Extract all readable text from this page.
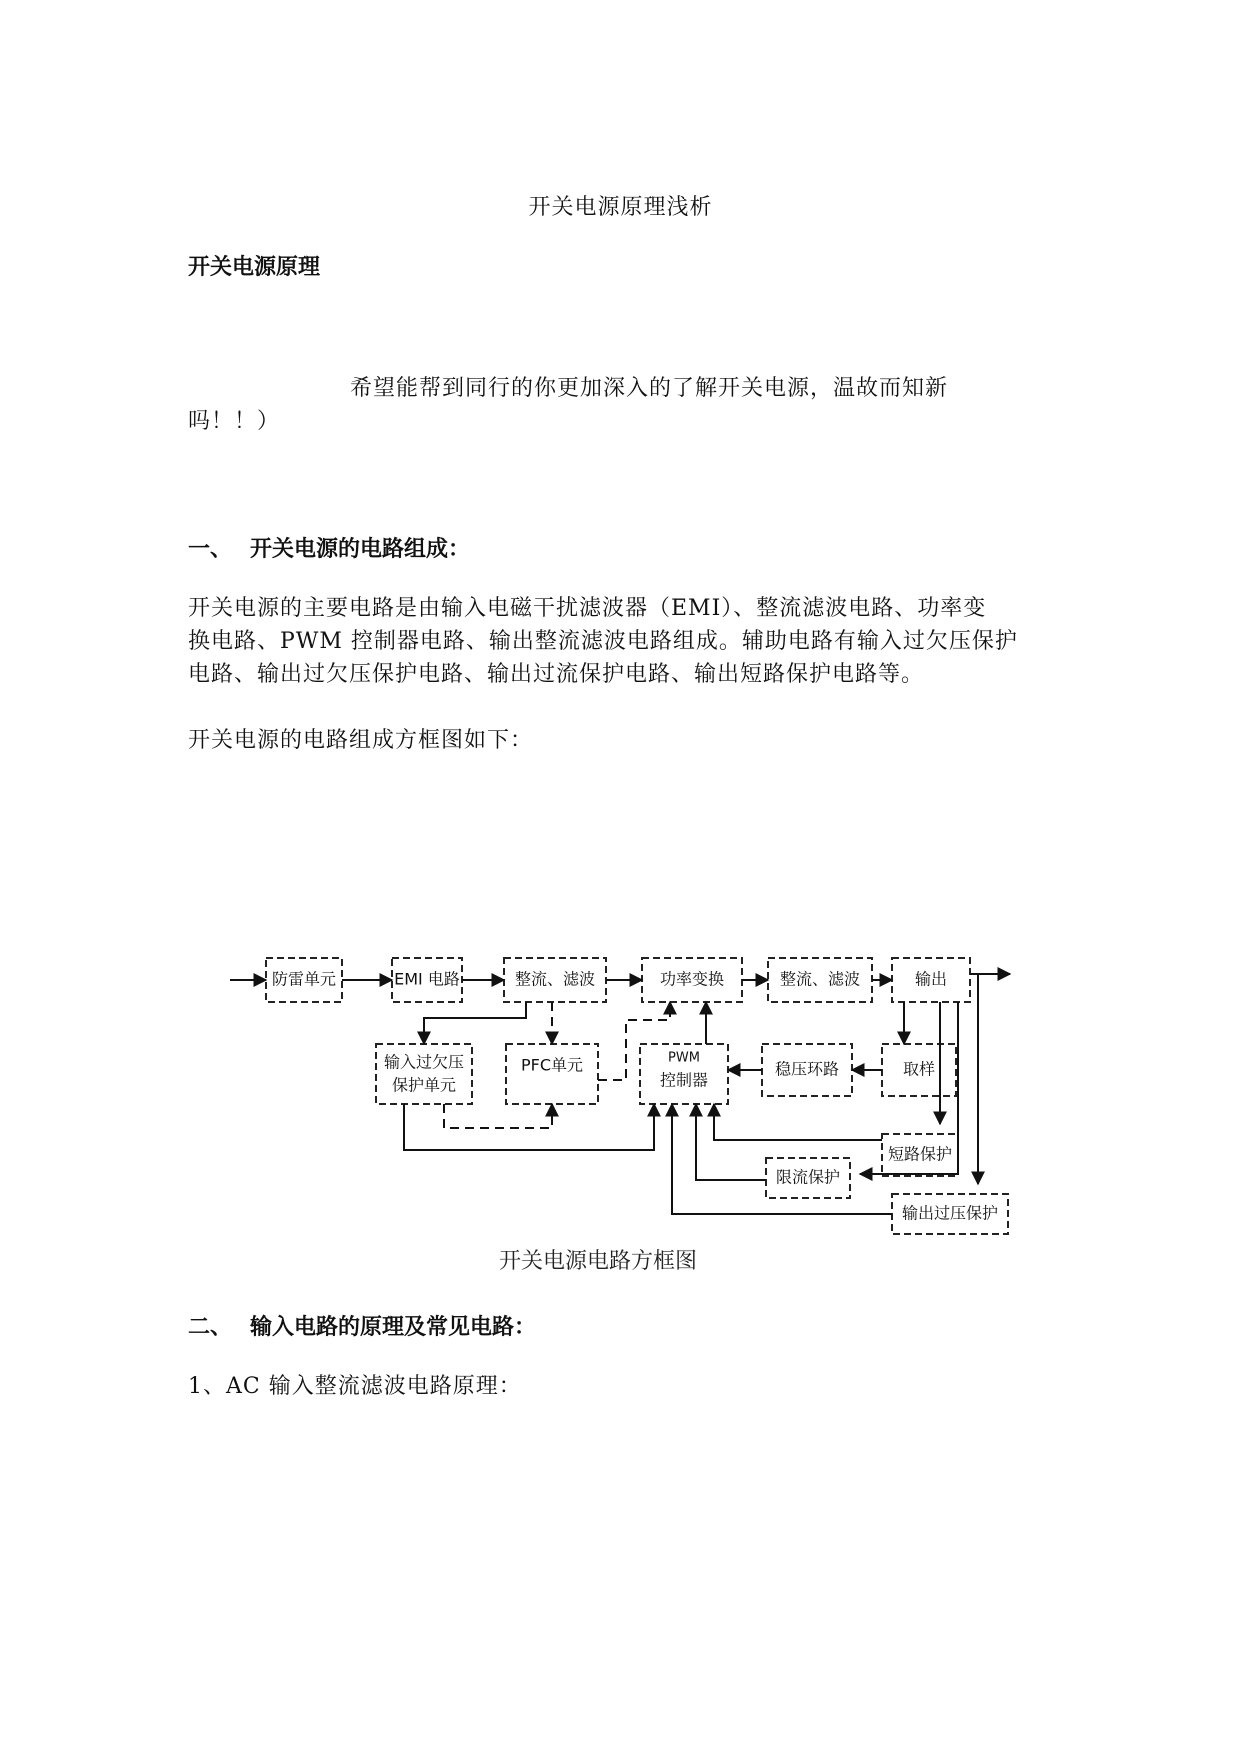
开关电源原理浅析
开关电源原理
希望能帮到同行的你更加深入的了解开关电源，温故而知新
吗！！）
一、 开关电源的电路组成：
开关电源的主要电路是由输入电磁干扰滤波器（EMI）、整流滤波电路、功率变
换电路、PWM 控制器电路、输出整流滤波电路组成。辅助电路有输入过欠压保护
电路、输出过欠压保护电路、输出过流保护电路、输出短路保护电路等。
开关电源的电路组成方框图如下：
防雷单元	EMI 电路	整流、滤波	功率变换	整流、滤波	输出
输入过欠压
保护单元
PFC单元	PWM
控制器
稳压环路	取样
短路保护
限流保护
输出过压保护
开关电源电路方框图
二、 输入电路的原理及常见电路：
1、AC 输入整流滤波电路原理：
